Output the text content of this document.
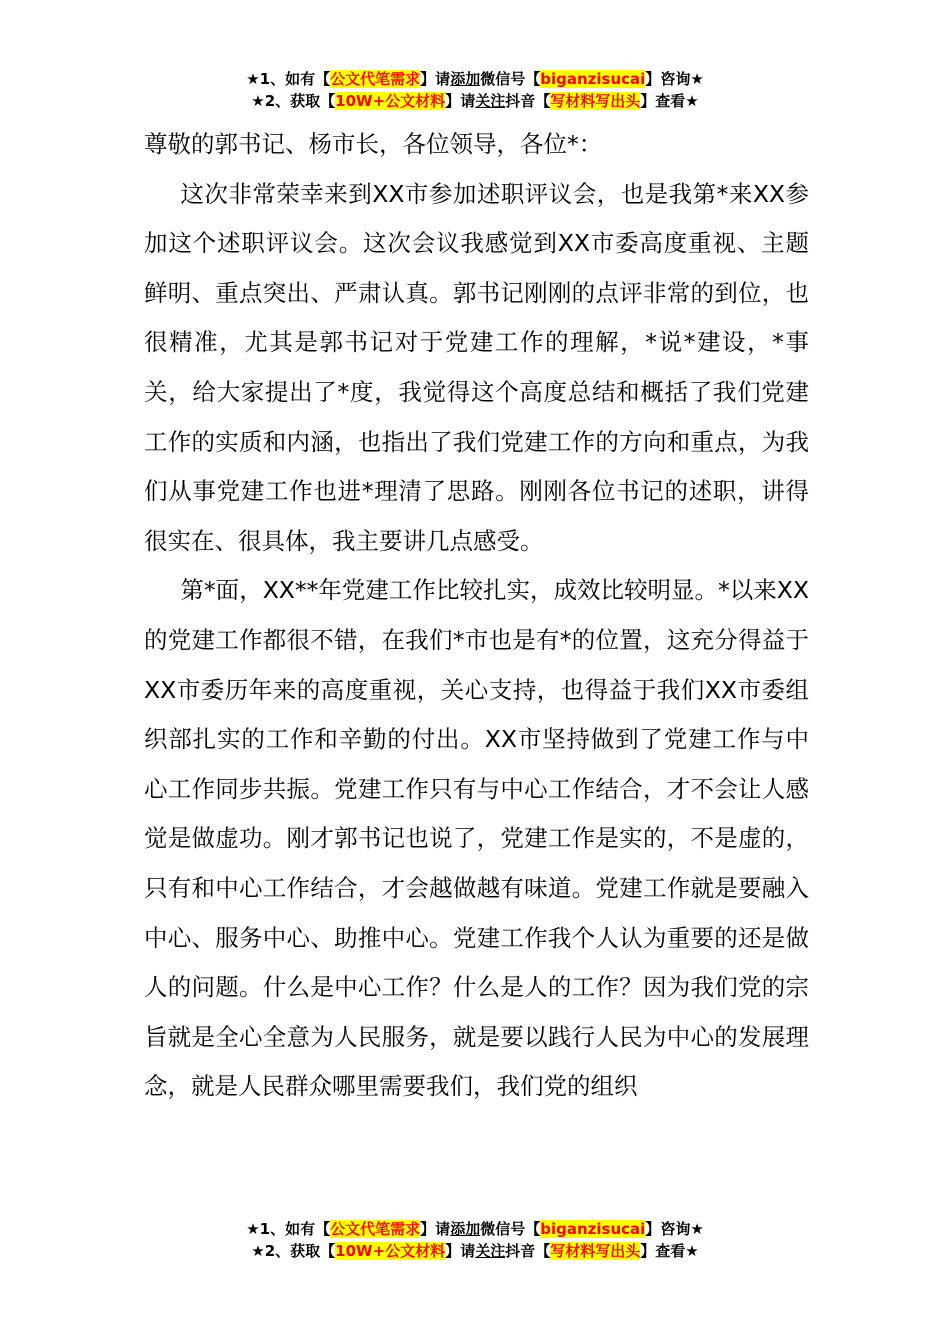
★1、如有【公文代笔需求】请添加微信号【biganzisucai】咨询★
★2、获取【10W+公文材料】请关注抖音【写材料写出头】查看★

尊敬的郭书记、杨市长，各位领导，各位*：

这次非常荣幸来到XX市参加述职评议会，也是我第*来XX参加这个述职评议会。这次会议我感觉到XX市委高度重视、主题鲜明、重点突出、严肃认真。郭书记刚刚的点评非常的到位，也很精准，尤其是郭书记对于党建工作的理解，*说*建设，*事关，给大家提出了*度，我觉得这个高度总结和概括了我们党建工作的实质和内涵，也指出了我们党建工作的方向和重点，为我们从事党建工作也进*理清了思路。刚刚各位书记的述职，讲得很实在、很具体，我主要讲几点感受。

第*面，XX**年党建工作比较扎实，成效比较明显。*以来XX的党建工作都很不错，在我们*市也是有*的位置，这充分得益于XX市委历年来的高度重视，关心支持，也得益于我们XX市委组织部扎实的工作和辛勤的付出。XX市坚持做到了党建工作与中心工作同步共振。党建工作只有与中心工作结合，才不会让人感觉是做虚功。刚才郭书记也说了，党建工作是实的，不是虚的，只有和中心工作结合，才会越做越有味道。党建工作就是要融入中心、服务中心、助推中心。党建工作我个人认为重要的还是做人的问题。什么是中心工作？什么是人的工作？因为我们党的宗旨就是全心全意为人民服务，就是要以践行人民为中心的发展理念，就是人民群众哪里需要我们，我们党的组织

★1、如有【公文代笔需求】请添加微信号【biganzisucai】咨询★
★2、获取【10W+公文材料】请关注抖音【写材料写出头】查看★
